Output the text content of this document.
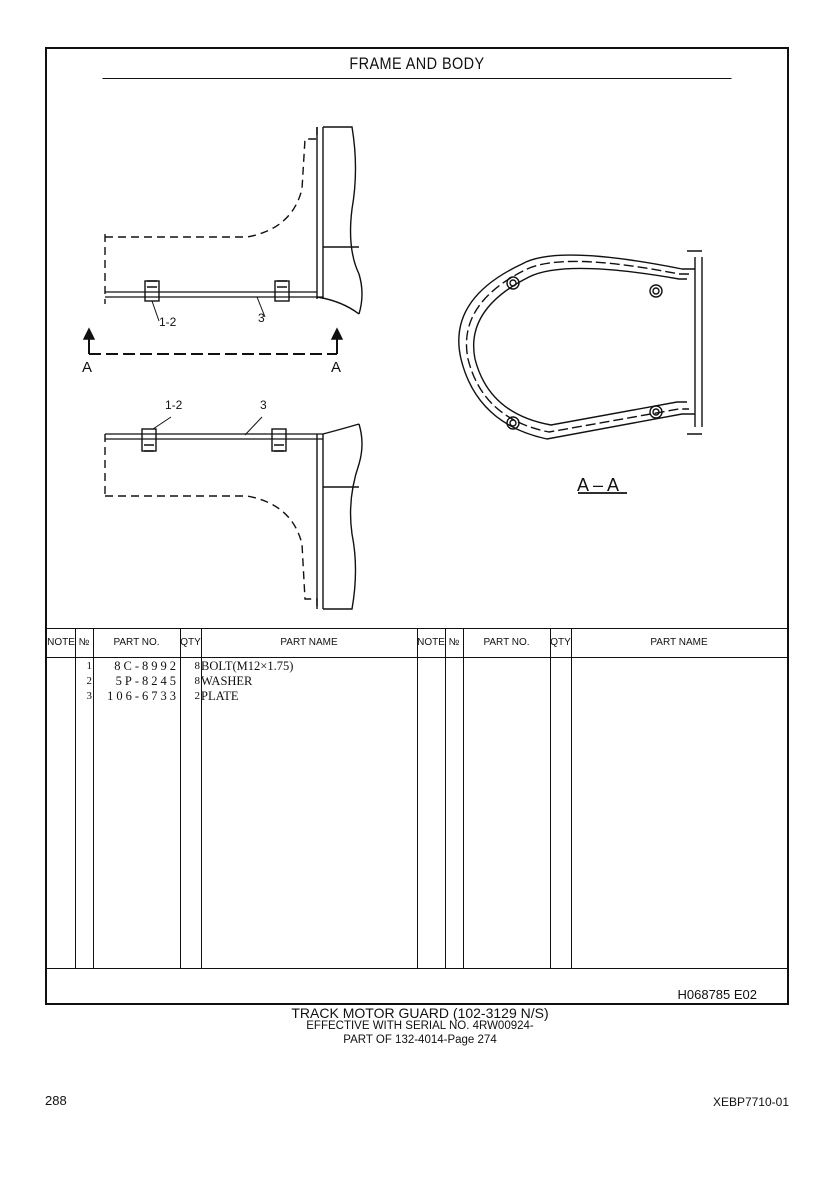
FRAME AND BODY
1-2	3
1-2	3
A	A
A – A
NOTE №	PART NO.	QTY	PART NAME	NOTE №	PART NO.	QTY	PART NAME
1	8C-8992	8 BOLT(M12×1.75)
2	5P-8245	8 WASHER
3	106-6733	2 PLATE
H068785 E02
TRACK MOTOR GUARD (102-3129 N/S)
EFFECTIVE WITH SERIAL NO. 4RW00924-
PART OF 132-4014-Page 274
288	XEBP7710-01
